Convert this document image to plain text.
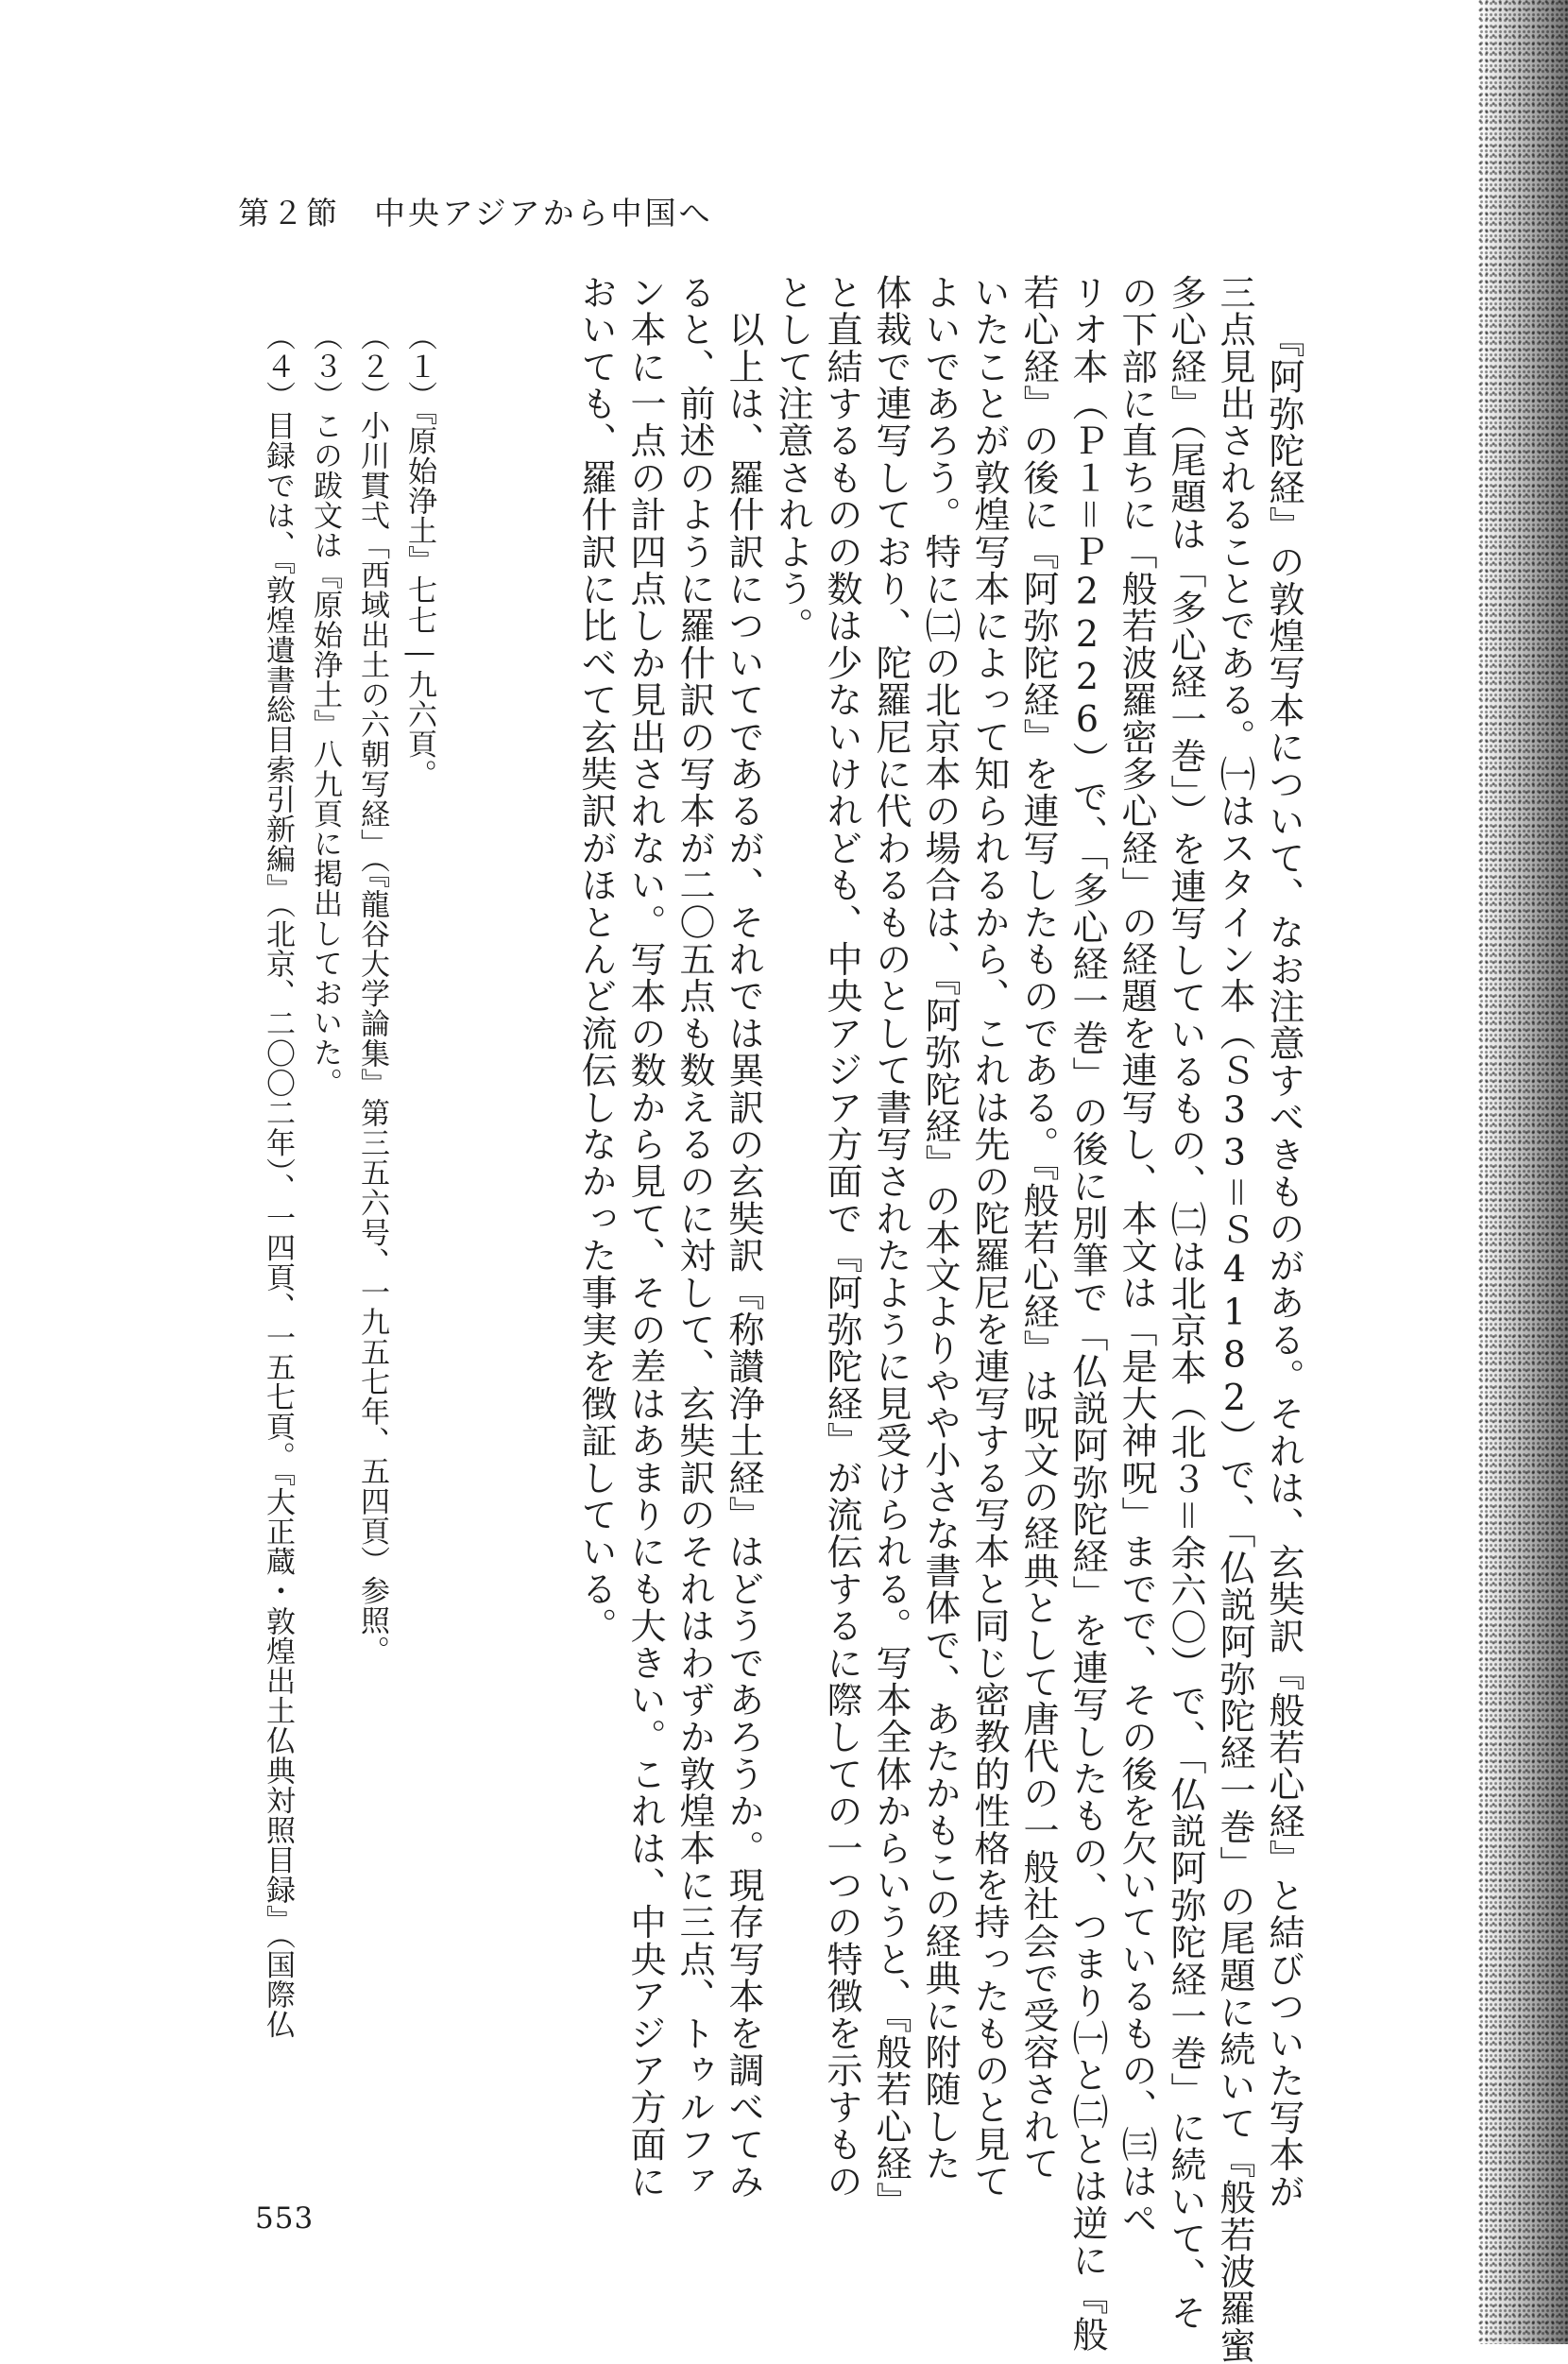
第２節　中央アジアから中国へ
『阿弥陀経』の敦煌写本について、なお注意すべきものがある。それは、玄奘訳『般若心経』と結びついた写本が
三点見出されることである。㈠はスタイン本（Ｓ33＝Ｓ4182）で、「仏説阿弥陀経一巻」の尾題に続いて『般若波羅蜜
多心経』（尾題は「多心経一巻」）を連写しているもの、㈡は北京本（北３＝余六〇）で、「仏説阿弥陀経一巻」に続いて、そ
の下部に直ちに「般若波羅密多心経」の経題を連写し、本文は「是大神呪」までで、その後を欠いているもの、㈢はペ
リオ本（Ｐ１＝Ｐ2226）で、「多心経一巻」の後に別筆で「仏説阿弥陀経」を連写したもの、つまり㈠と㈡とは逆に『般
若心経』の後に『阿弥陀経』を連写したものである。『般若心経』は呪文の経典として唐代の一般社会で受容されて
いたことが敦煌写本によって知られるから、これは先の陀羅尼を連写する写本と同じ密教的性格を持ったものと見て
よいであろう。特に㈡の北京本の場合は、『阿弥陀経』の本文よりやや小さな書体で、あたかもこの経典に附随した
体裁で連写しており、陀羅尼に代わるものとして書写されたように見受けられる。写本全体からいうと、『般若心経』
と直結するものの数は少ないけれども、中央アジア方面で『阿弥陀経』が流伝するに際しての一つの特徴を示すもの
として注意されよう。
　以上は、羅什訳についてであるが、それでは異訳の玄奘訳『称讃浄土経』はどうであろうか。現存写本を調べてみ
ると、前述のように羅什訳の写本が二〇五点も数えるのに対して、玄奘訳のそれはわずか敦煌本に三点、トゥルファ
ン本に一点の計四点しか見出されない。写本の数から見て、その差はあまりにも大きい。これは、中央アジア方面に
おいても、羅什訳に比べて玄奘訳がほとんど流伝しなかった事実を徴証している。
（１）『原始浄土』七七―九六頁。
（２）小川貫弌「西域出土の六朝写経」（『龍谷大学論集』第三五六号、一九五七年、五四頁）参照。
（３）この跋文は『原始浄土』八九頁に掲出しておいた。
（４）目録では、『敦煌遺書総目索引新編』（北京、二〇〇二年）、一四頁、一五七頁。『大正蔵・敦煌出土仏典対照目録』（国際仏
553
